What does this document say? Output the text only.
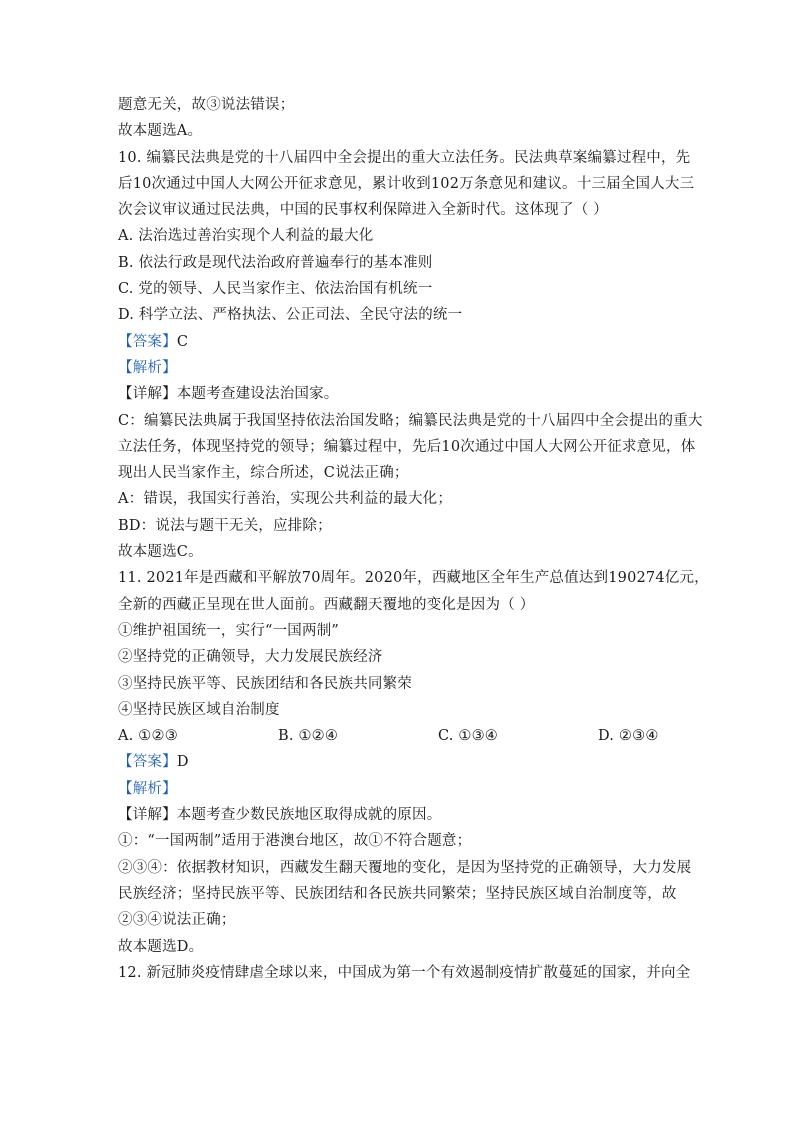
题意无关，故③说法错误；
故本题选A。
10. 编纂民法典是党的十八届四中全会提出的重大立法任务。民法典草案编纂过程中，先
后10次通过中国人大网公开征求意见，累计收到102万条意见和建议。十三届全国人大三
次会议审议通过民法典，中国的民事权利保障进入全新时代。这体现了（ ）
A. 法治选过善治实现个人利益的最大化
B. 依法行政是现代法治政府普遍奉行的基本准则
C. 党的领导、人民当家作主、依法治国有机统一
D. 科学立法、严格执法、公正司法、全民守法的统一
【答案】C
【解析】
【详解】本题考查建设法治国家。
C：编纂民法典属于我国坚持依法治国发略；编纂民法典是党的十八届四中全会提出的重大
立法任务，体现坚持党的领导；编纂过程中，先后10次通过中国人大网公开征求意见，体
现出人民当家作主，综合所述，C说法正确；
A：错误，我国实行善治，实现公共利益的最大化；
BD：说法与题干无关，应排除；
故本题选C。
11. 2021年是西藏和平解放70周年。2020年，西藏地区全年生产总值达到190274亿元，
全新的西藏正呈现在世人面前。西藏翻天覆地的变化是因为（ ）
①维护祖国统一，实行“一国两制”
②坚持党的正确领导，大力发展民族经济
③坚持民族平等、民族团结和各民族共同繁荣
④坚持民族区域自治制度
A. ①②③	B. ①②④	C. ①③④	D. ②③④
【答案】D
【解析】
【详解】本题考查少数民族地区取得成就的原因。
①：“一国两制”适用于港澳台地区，故①不符合题意；
②③④：依据教材知识，西藏发生翻天覆地的变化，是因为坚持党的正确领导，大力发展
民族经济；坚持民族平等、民族团结和各民族共同繁荣；坚持民族区域自治制度等，故
②③④说法正确；
故本题选D。
12. 新冠肺炎疫情肆虐全球以来，中国成为第一个有效遏制疫情扩散蔓延的国家，并向全
